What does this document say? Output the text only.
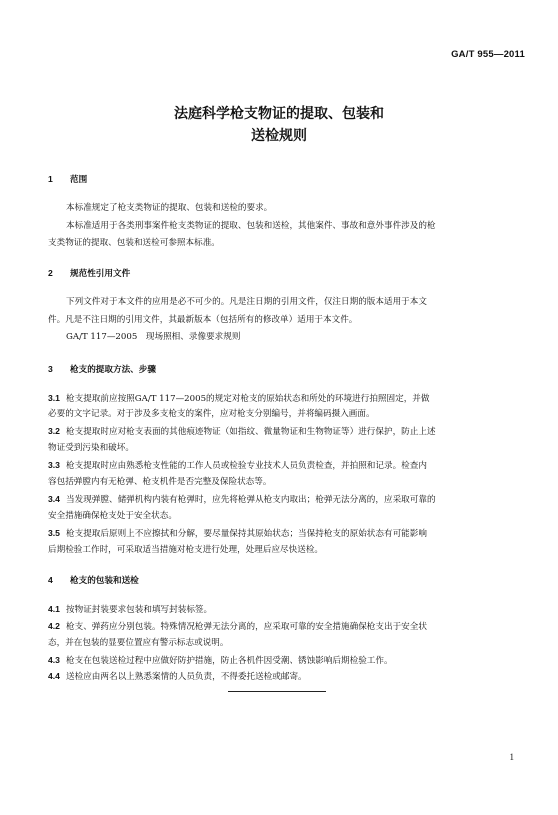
GA/T 955—2011
法庭科学枪支物证的提取、包装和
送检规则
1 范围
本标准规定了枪支类物证的提取、包装和送检的要求。
本标准适用于各类刑事案件枪支类物证的提取、包装和送检，其他案件、事故和意外事件涉及的枪
支类物证的提取、包装和送检可参照本标准。
2 规范性引用文件
下列文件对于本文件的应用是必不可少的。凡是注日期的引用文件，仅注日期的版本适用于本文
件。凡是不注日期的引用文件，其最新版本（包括所有的修改单）适用于本文件。
GA/T 117—2005　现场照相、录像要求规则
3 枪支的提取方法、步骤
3.1 枪支提取前应按照GA/T 117—2005的规定对枪支的原始状态和所处的环境进行拍照固定，并做
必要的文字记录。对于涉及多支枪支的案件，应对枪支分别编号，并将编码摄入画面。
3.2 枪支提取时应对枪支表面的其他痕迹物证（如指纹、微量物证和生物物证等）进行保护，防止上述
物证受到污染和破坏。
3.3 枪支提取时应由熟悉枪支性能的工作人员或检验专业技术人员负责检查，并拍照和记录。检查内
容包括弹膛内有无枪弹、枪支机件是否完整及保险状态等。
3.4 当发现弹膛、储弹机构内装有枪弹时，应先将枪弹从枪支内取出；枪弹无法分离的，应采取可靠的
安全措施确保枪支处于安全状态。
3.5 枪支提取后原则上不应擦拭和分解，要尽量保持其原始状态；当保持枪支的原始状态有可能影响
后期检验工作时，可采取适当措施对枪支进行处理，处理后应尽快送检。
4 枪支的包装和送检
4.1 按物证封装要求包装和填写封装标签。
4.2 枪支、弹药应分别包装。特殊情况枪弹无法分离的，应采取可靠的安全措施确保枪支出于安全状
态，并在包装的显要位置应有警示标志或说明。
4.3 枪支在包装送检过程中应做好防护措施，防止各机件因受潮、锈蚀影响后期检验工作。
4.4 送检应由两名以上熟悉案情的人员负责，不得委托送检或邮寄。
1
